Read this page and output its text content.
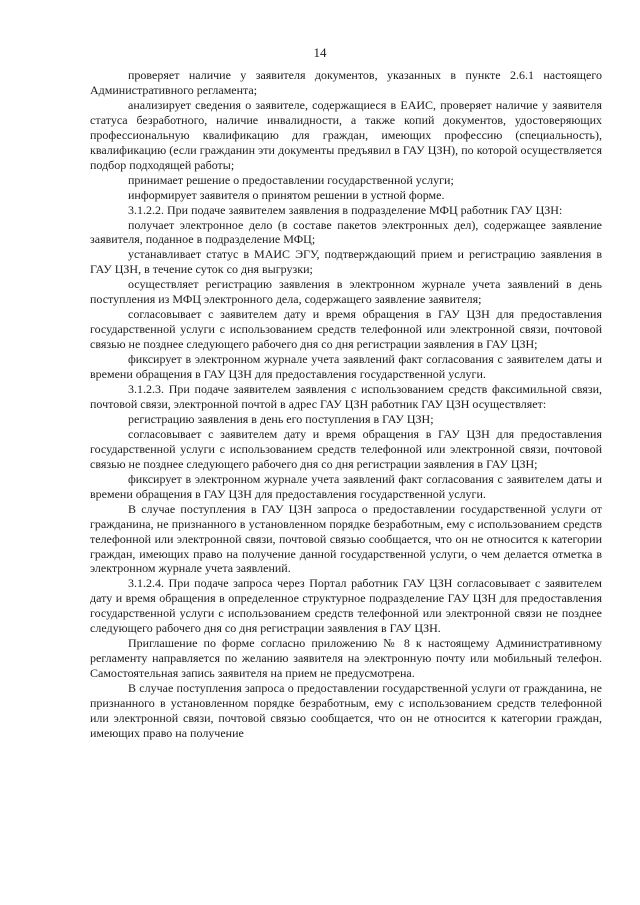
14

проверяет наличие у заявителя документов, указанных в пункте 2.6.1 настоящего Административного регламента;

анализирует сведения о заявителе, содержащиеся в ЕАИС, проверяет наличие у заявителя статуса безработного, наличие инвалидности, а также копий документов, удостоверяющих профессиональную квалификацию для граждан, имеющих профессию (специальность), квалификацию (если гражданин эти документы предъявил в ГАУ ЦЗН), по которой осуществляется подбор подходящей работы;

принимает решение о предоставлении государственной услуги;

информирует заявителя о принятом решении в устной форме.

3.1.2.2. При подаче заявителем заявления в подразделение МФЦ работник ГАУ ЦЗН:

получает электронное дело (в составе пакетов электронных дел), содержащее заявление заявителя, поданное в подразделение МФЦ;

устанавливает статус в МАИС ЭГУ, подтверждающий прием и регистрацию заявления в ГАУ ЦЗН, в течение суток со дня выгрузки;

осуществляет регистрацию заявления в электронном журнале учета заявлений в день поступления из МФЦ электронного дела, содержащего заявление заявителя;

согласовывает с заявителем дату и время обращения в ГАУ ЦЗН для предоставления государственной услуги с использованием средств телефонной или электронной связи, почтовой связью не позднее следующего рабочего дня со дня регистрации заявления в ГАУ ЦЗН;

фиксирует в электронном журнале учета заявлений факт согласования с заявителем даты и времени обращения в ГАУ ЦЗН для предоставления государственной услуги.

3.1.2.3. При подаче заявителем заявления с использованием средств факсимильной связи, почтовой связи, электронной почтой в адрес ГАУ ЦЗН работник ГАУ ЦЗН осуществляет:

регистрацию заявления в день его поступления в ГАУ ЦЗН;

согласовывает с заявителем дату и время обращения в ГАУ ЦЗН для предоставления государственной услуги с использованием средств телефонной или электронной связи, почтовой связью не позднее следующего рабочего дня со дня регистрации заявления в ГАУ ЦЗН;

фиксирует в электронном журнале учета заявлений факт согласования с заявителем даты и времени обращения в ГАУ ЦЗН для предоставления государственной услуги.

В случае поступления в ГАУ ЦЗН запроса о предоставлении государственной услуги от гражданина, не признанного в установленном порядке безработным, ему с использованием средств телефонной или электронной связи, почтовой связью сообщается, что он не относится к категории граждан, имеющих право на получение данной государственной услуги, о чем делается отметка в электронном журнале учета заявлений.

3.1.2.4. При подаче запроса через Портал работник ГАУ ЦЗН согласовывает с заявителем дату и время обращения в определенное структурное подразделение ГАУ ЦЗН для предоставления государственной услуги с использованием средств телефонной или электронной связи не позднее следующего рабочего дня со дня регистрации заявления в ГАУ ЦЗН.

Приглашение по форме согласно приложению № 8 к настоящему Административному регламенту направляется по желанию заявителя на электронную почту или мобильный телефон. Самостоятельная запись заявителя на прием не предусмотрена.

В случае поступления запроса о предоставлении государственной услуги от гражданина, не признанного в установленном порядке безработным, ему с использованием средств телефонной или электронной связи, почтовой связью сообщается, что он не относится к категории граждан, имеющих право на получение
